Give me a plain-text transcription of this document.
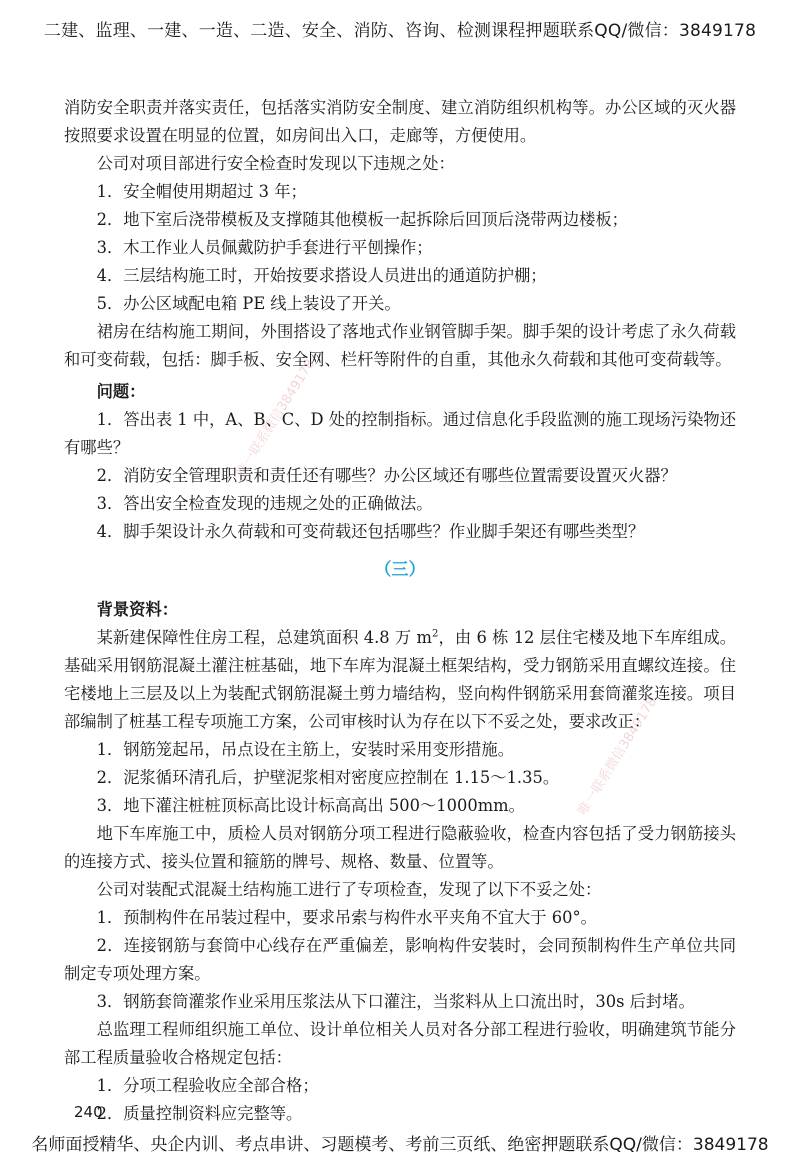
二建、监理、一建、一造、二造、安全、消防、咨询、检测课程押题联系QQ/微信：3849178

消防安全职责并落实责任，包括落实消防安全制度、建立消防组织机构等。办公区域的灭火器按照要求设置在明显的位置，如房间出入口，走廊等，方便使用。

公司对项目部进行安全检查时发现以下违规之处：

1．安全帽使用期超过 3 年；

2．地下室后浇带模板及支撑随其他模板一起拆除后回顶后浇带两边楼板；

3．木工作业人员佩戴防护手套进行平刨操作；

4．三层结构施工时，开始按要求搭设人员进出的通道防护棚；

5．办公区域配电箱 PE 线上装设了开关。

裙房在结构施工期间，外围搭设了落地式作业钢管脚手架。脚手架的设计考虑了永久荷载和可变荷载，包括：脚手板、安全网、栏杆等附件的自重，其他永久荷载和其他可变荷载等。

问题：

1．答出表 1 中，A、B、C、D 处的控制指标。通过信息化手段监测的施工现场污染物还有哪些？

2．消防安全管理职责和责任还有哪些？办公区域还有哪些位置需要设置灭火器？

3．答出安全检查发现的违规之处的正确做法。

4．脚手架设计永久荷载和可变荷载还包括哪些？作业脚手架还有哪些类型？

（三）

背景资料：

某新建保障性住房工程，总建筑面积 4.8 万 $m^2$，由 6 栋 12 层住宅楼及地下车库组成。基础采用钢筋混凝土灌注桩基础，地下车库为混凝土框架结构，受力钢筋采用直螺纹连接。住宅楼地上三层及以上为装配式钢筋混凝土剪力墙结构，竖向构件钢筋采用套筒灌浆连接。项目部编制了桩基工程专项施工方案，公司审核时认为存在以下不妥之处，要求改正：

1．钢筋笼起吊，吊点设在主筋上，安装时采用变形措施。

2．泥浆循环清孔后，护壁泥浆相对密度应控制在 1.15～1.35。

3．地下灌注桩桩顶标高比设计标高高出 500～1000mm。

地下车库施工中，质检人员对钢筋分项工程进行隐蔽验收，检查内容包括了受力钢筋接头的连接方式、接头位置和箍筋的牌号、规格、数量、位置等。

公司对装配式混凝土结构施工进行了专项检查，发现了以下不妥之处：

1．预制构件在吊装过程中，要求吊索与构件水平夹角不宜大于 60°。

2．连接钢筋与套筒中心线存在严重偏差，影响构件安装时，会同预制构件生产单位共同制定专项处理方案。

3．钢筋套筒灌浆作业采用压浆法从下口灌注，当浆料从上口流出时，30s 后封堵。

总监理工程师组织施工单位、设计单位相关人员对各分部工程进行验收，明确建筑节能分部工程质量验收合格规定包括：

1．分项工程验收应全部合格；

2．质量控制资料应完整等。

唯一联系微信3849178
唯一联系微信3849178
240
名师面授精华、央企内训、考点串讲、习题模考、考前三页纸、绝密押题联系QQ/微信：3849178
